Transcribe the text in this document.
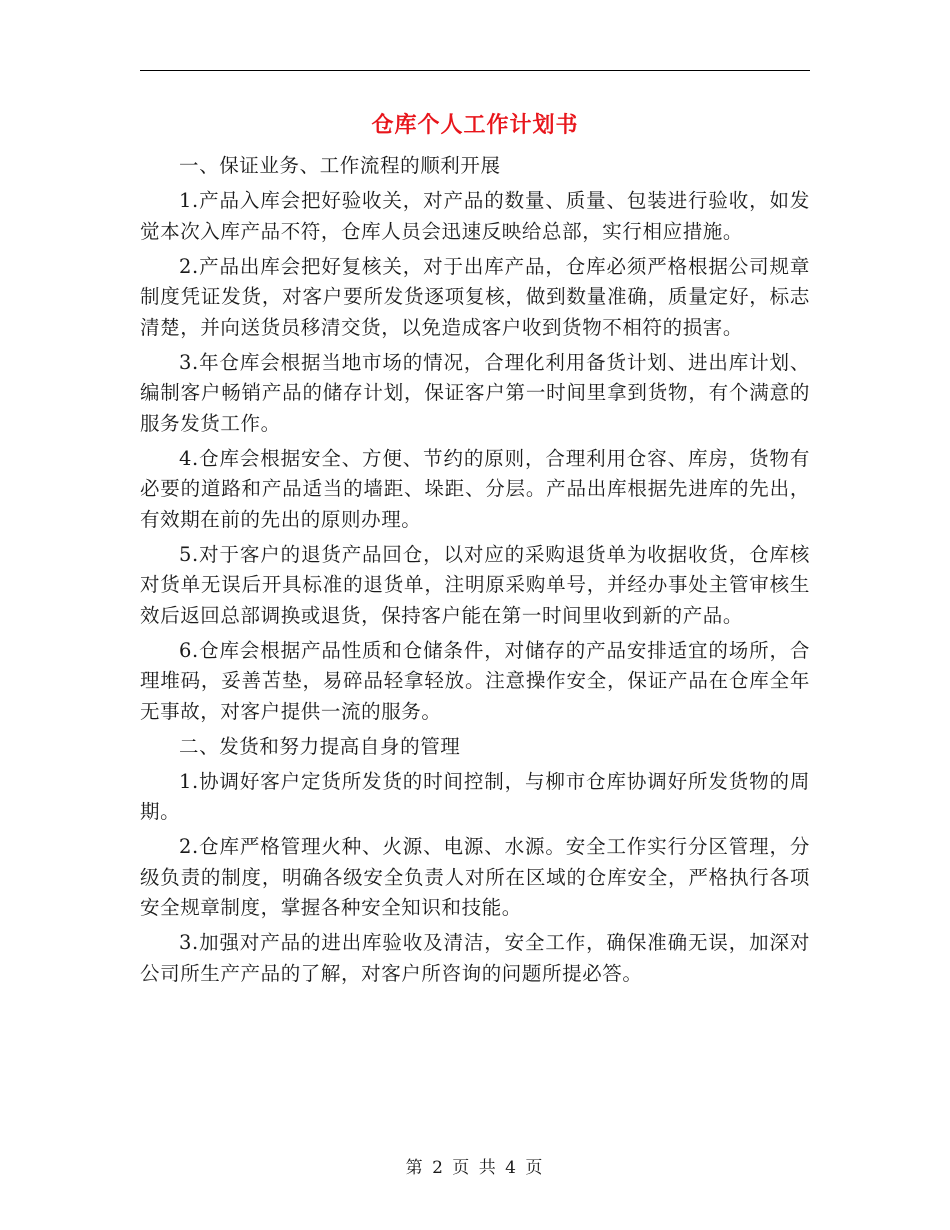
仓库个人工作计划书

一、保证业务、工作流程的顺利开展

1.产品入库会把好验收关，对产品的数量、质量、包装进行验收，如发觉本次入库产品不符，仓库人员会迅速反映给总部，实行相应措施。

2.产品出库会把好复核关，对于出库产品，仓库必须严格根据公司规章制度凭证发货，对客户要所发货逐项复核，做到数量准确，质量定好，标志清楚，并向送货员移清交货，以免造成客户收到货物不相符的损害。

3.年仓库会根据当地市场的情况，合理化利用备货计划、进出库计划、编制客户畅销产品的储存计划，保证客户第一时间里拿到货物，有个满意的服务发货工作。

4.仓库会根据安全、方便、节约的原则，合理利用仓容、库房，货物有必要的道路和产品适当的墙距、垛距、分层。产品出库根据先进库的先出，有效期在前的先出的原则办理。

5.对于客户的退货产品回仓，以对应的采购退货单为收据收货，仓库核对货单无误后开具标准的退货单，注明原采购单号，并经办事处主管审核生效后返回总部调换或退货，保持客户能在第一时间里收到新的产品。

6.仓库会根据产品性质和仓储条件，对储存的产品安排适宜的场所，合理堆码，妥善苫垫，易碎品轻拿轻放。注意操作安全，保证产品在仓库全年无事故，对客户提供一流的服务。

二、发货和努力提高自身的管理

1.协调好客户定货所发货的时间控制，与柳市仓库协调好所发货物的周期。

2.仓库严格管理火种、火源、电源、水源。安全工作实行分区管理，分级负责的制度，明确各级安全负责人对所在区域的仓库安全，严格执行各项安全规章制度，掌握各种安全知识和技能。

3.加强对产品的进出库验收及清洁，安全工作，确保准确无误，加深对公司所生产产品的了解，对客户所咨询的问题所提必答。

第 2 页 共 4 页
